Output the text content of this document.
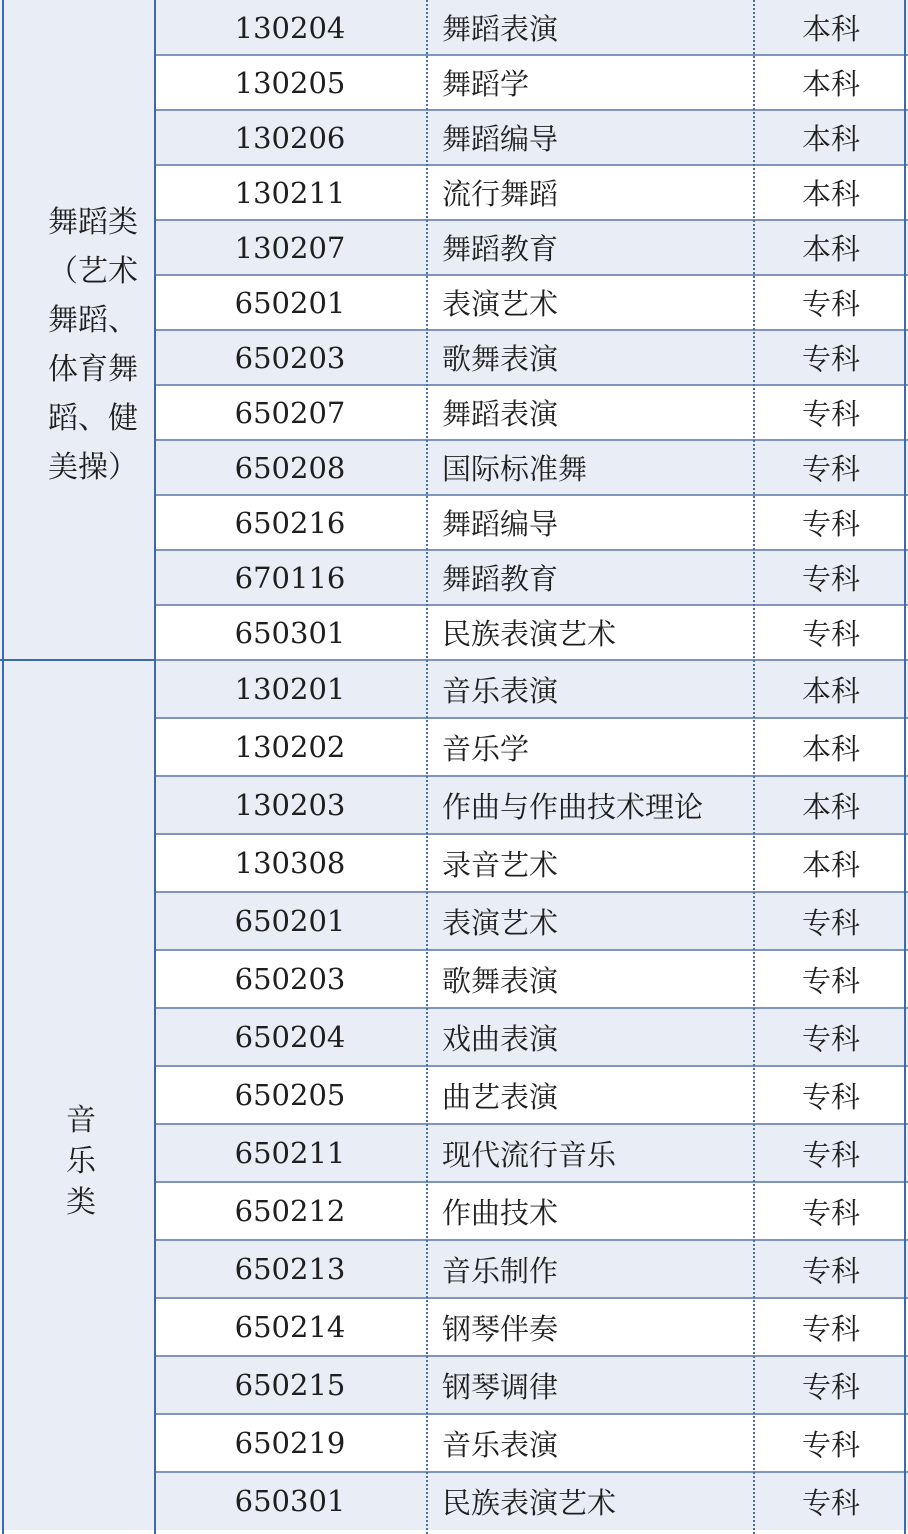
舞蹈类
（艺术
舞蹈、
体育舞
蹈、健
美操）
130204	舞蹈表演	本科
130205	舞蹈学	本科
130206	舞蹈编导	本科
130211	流行舞蹈	本科
130207	舞蹈教育	本科
650201	表演艺术	专科
650203	歌舞表演	专科
650207	舞蹈表演	专科
650208	国际标准舞	专科
650216	舞蹈编导	专科
670116	舞蹈教育	专科
650301	民族表演艺术	专科
音
乐
类
130201	音乐表演	本科
130202	音乐学	本科
130203	作曲与作曲技术理论	本科
130308	录音艺术	本科
650201	表演艺术	专科
650203	歌舞表演	专科
650204	戏曲表演	专科
650205	曲艺表演	专科
650211	现代流行音乐	专科
650212	作曲技术	专科
650213	音乐制作	专科
650214	钢琴伴奏	专科
650215	钢琴调律	专科
650219	音乐表演	专科
650301	民族表演艺术	专科
